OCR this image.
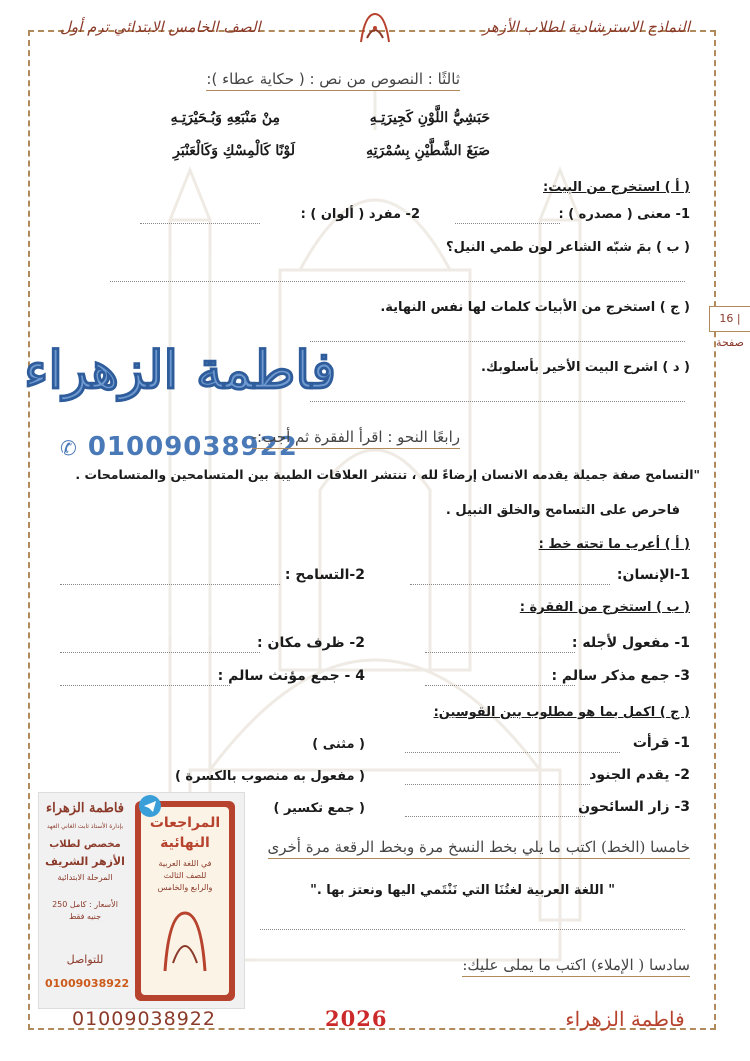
النماذج الاسترشادية لطلاب الأزهر
الصف الخامس الابتدائي ترم أول
16 | صفحة
ثالثًا : النصوص من نص : ( حكاية عطاء ):
حَبَشِيُّ اللَّوْنِ كَجِيرَتِـهِ
مِنْ مَنْبَعِهِ وَبُـحَيْرَتِـهِ
صَبَغَ الشَّطَّيْنِ بِسُمْرَتِهِ
لَوْنًا كَالْمِسْكِ وَكَالْعَنْبَرِ
( أ ) استخرج من البيت:
1- معنى ( مصدره ) :
2- مفرد ( ألوان ) :
( ب ) بمَ شبّه الشاعر لون طمي النيل؟
( ج ) استخرج من الأبيات كلمات لها نفس النهاية.
( د ) اشرح البيت الأخير بأسلوبك.
فاطمة الزهراء
✆ 01009038922
رابعًا النحو : اقرأ الفقرة ثم أجب:-
"التسامح صفة جميلة يقدمه الانسان إرضاءً لله ، تنتشر العلاقات الطيبة بين المتسامحين والمتسامحات .
فاحرص على التسامح والخلق النبيل .
( أ ) أعرب ما تحته خط :
1-الإنسان:
2-التسامح :
( ب ) استخرج من الفقرة :
1- مفعول لأجله :
2- ظرف مكان :
3- جمع مذكر سالم :
4 - جمع مؤنث سالم :
( ج ) اكمل بما هو مطلوب بين القوسين:
1- قرأت
( مثنى )
2- يقدم الجنود
( مفعول به منصوب بالكسرة )
3- زار السائحون
( جمع تكسير )
خامسا (الخط) اكتب ما يلي بخط النسخ مرة وبخط الرقعة مرة أخرى
" اللغة العربية لغتُنَا التي نَنْتَمي اليها ونعتز بها ."
سادسا ( الإملاء) اكتب ما يملى عليك:
فاطمة الزهراء
بإدارة الأستاذ ثابت الغاني العهد
مخصص لطلاب
الأزهر الشريف
المرحلة الابتدائية
الأسعار : كامل 250 جنيه فقط
للتواصل
01009038922
المراجعات
النهائية
في اللغة العربية
للصف الثالث
والرابع والخامس
01009038922	2026	فاطمة الزهراء
